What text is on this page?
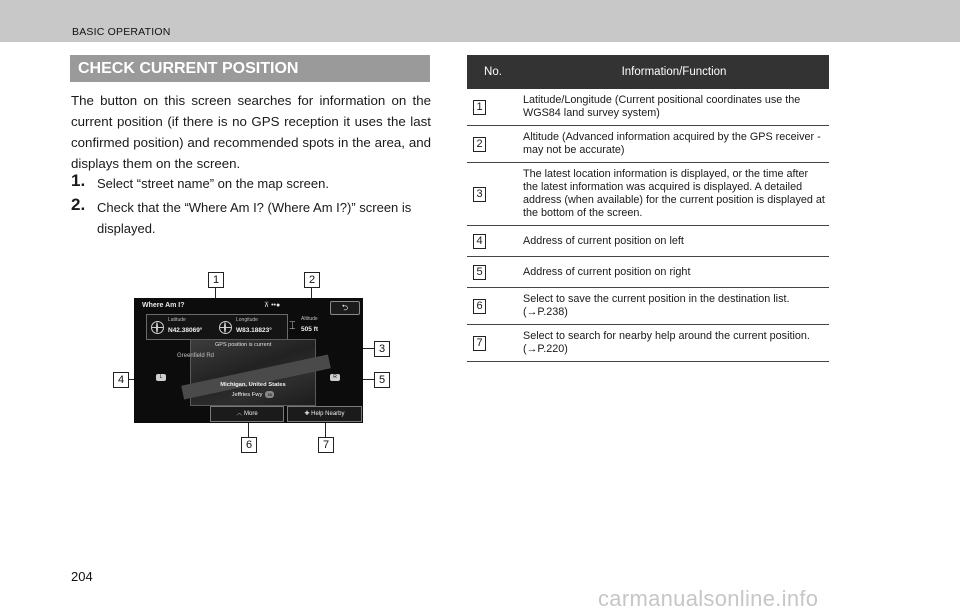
BASIC OPERATION
CHECK CURRENT POSITION
The button on this screen searches for information on the current position (if there is no GPS reception it uses the last confirmed position) and recommended spots in the area, and displays them on the screen.
1. Select “street name” on the map screen.
2. Check that the “Where Am I? (Where Am I?)” screen is displayed.
1	2
3
4	5
6	7
Where Am I?	⊼ ••●	⮌
Latitude
N42.38069°
Longitude
W83.18823° ⌶
Altitude
505 ft
GPS position is current
Greenfield Rd
Michigan, United States
Jeffries Fwy 96
L	R
︿ More	✚ Help Nearby
No.	Information/Function
1	Latitude/Longitude (Current positional coordinates use the WGS84 land survey system)
2	Altitude (Advanced information acquired by the GPS receiver - may not be accurate)
3	The latest location information is displayed, or the time after the latest information was acquired is displayed. A detailed address (when available) for the current position is displayed at the bottom of the screen.
4	Address of current position on left
5	Address of current position on right
6	Select to save the current position in the destination list. (→P.238)
7	Select to search for nearby help around the current position. (→P.220)
204
carmanualsonline.info
